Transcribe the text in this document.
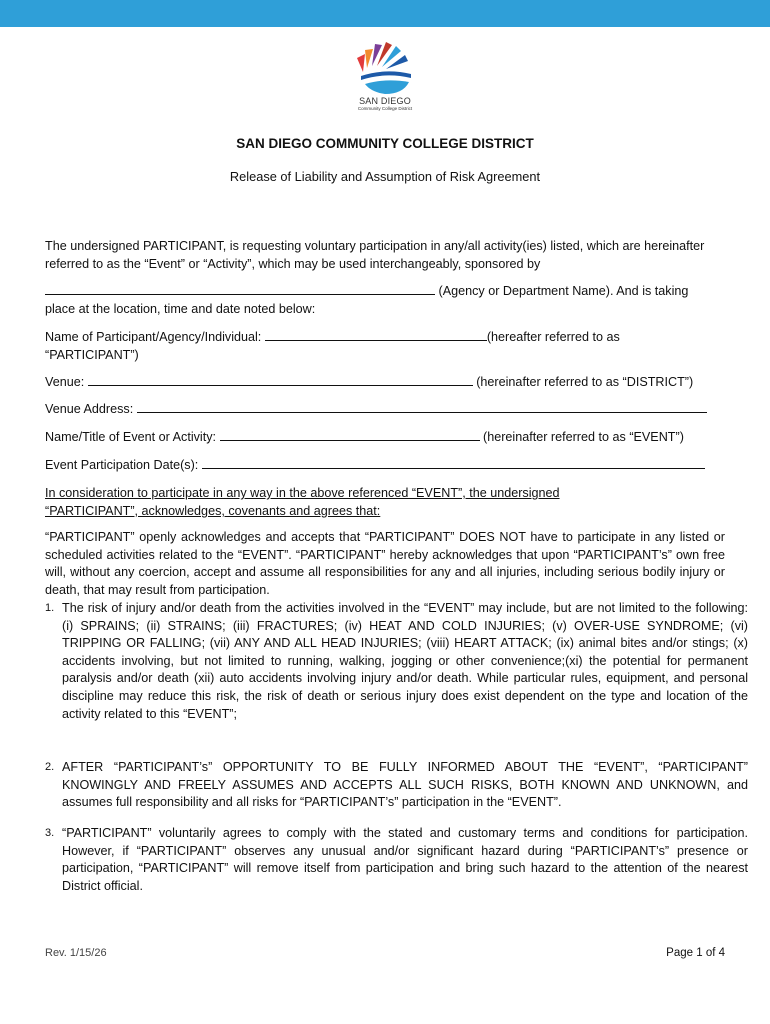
SAN DIEGO
Community College District
SAN DIEGO COMMUNITY COLLEGE DISTRICT
Release of Liability and Assumption of Risk Agreement

The undersigned PARTICIPANT, is requesting voluntary participation in any/all activity(ies) listed, which are hereinafter referred to as the “Event” or “Activity”, which may be used interchangeably, sponsored by

(Agency or Department Name). And is taking
place at the location, time and date noted below:
Name of Participant/Agency/Individual:	(hereafter referred to as
“PARTICIPANT”)
Venue:	(hereinafter referred to as “DISTRICT”)
Venue Address:
Name/Title of Event or Activity:	(hereinafter referred to as “EVENT”)
Event Participation Date(s):

In consideration to participate in any way in the above referenced “EVENT”, the undersigned “PARTICIPANT”, acknowledges, covenants and agrees that:

“PARTICIPANT” openly acknowledges and accepts that “PARTICIPANT” DOES NOT have to participate in any listed or scheduled activities related to the “EVENT”. “PARTICIPANT” hereby acknowledges that upon “PARTICIPANT’s” own free will, without any coercion, accept and assume all responsibilities for any and all injuries, including serious bodily injury or death, that may result from participation.

1. The risk of injury and/or death from the activities involved in the “EVENT” may include, but are not limited to the following: (i) SPRAINS; (ii) STRAINS; (iii) FRACTURES; (iv) HEAT AND COLD INJURIES; (v) OVER-USE SYNDROME; (vi) TRIPPING OR FALLING; (vii) ANY AND ALL HEAD INJURIES; (viii) HEART ATTACK; (ix) animal bites and/or stings; (x) accidents involving, but not limited to running, walking, jogging or other convenience;(xi) the potential for permanent paralysis and/or death (xii) auto accidents involving injury and/or death. While particular rules, equipment, and personal discipline may reduce this risk, the risk of death or serious injury does exist dependent on the type and location of the activity related to this “EVENT”;
2. AFTER “PARTICIPANT’s” OPPORTUNITY TO BE FULLY INFORMED ABOUT THE “EVENT”, “PARTICIPANT” KNOWINGLY AND FREELY ASSUMES AND ACCEPTS ALL SUCH RISKS, BOTH KNOWN AND UNKNOWN, and assumes full responsibility and all risks for “PARTICIPANT’s” participation in the “EVENT”.
3. “PARTICIPANT” voluntarily agrees to comply with the stated and customary terms and conditions for participation. However, if “PARTICIPANT” observes any unusual and/or significant hazard during “PARTICIPANT’s” presence or participation, “PARTICIPANT” will remove itself from participation and bring such hazard to the attention of the nearest District official.
Rev. 1/15/26	Page 1 of 4
